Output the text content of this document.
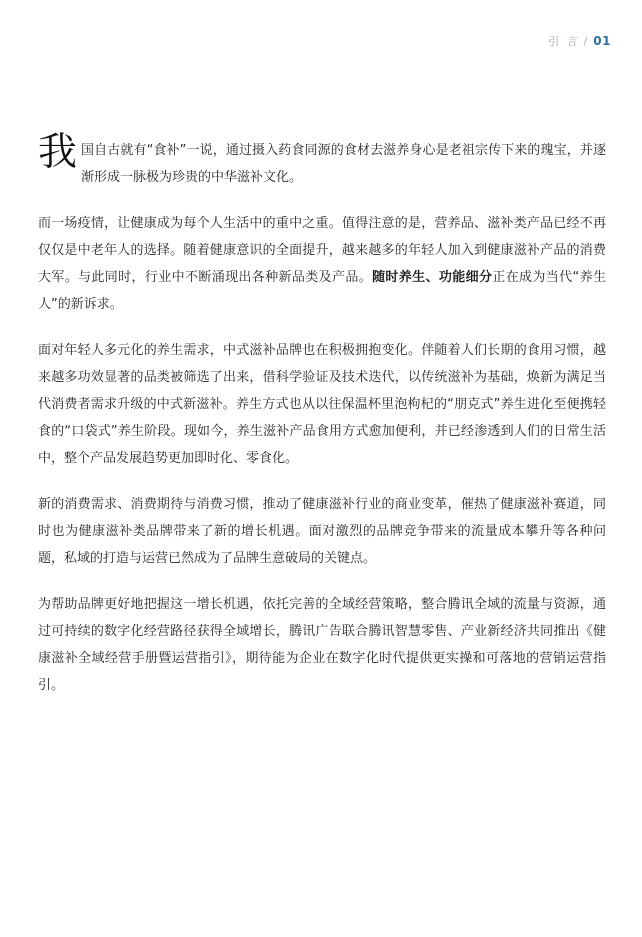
引 言 / 01

我国自古就有“食补”一说，通过摄入药食同源的食材去滋养身心是老祖宗传下来的瑰宝，并逐渐形成一脉极为珍贵的中华滋补文化。

而一场疫情，让健康成为每个人生活中的重中之重。值得注意的是，营养品、滋补类产品已经不再仅仅是中老年人的选择。随着健康意识的全面提升，越来越多的年轻人加入到健康滋补产品的消费大军。与此同时，行业中不断涌现出各种新品类及产品。随时养生、功能细分正在成为当代“养生人”的新诉求。

面对年轻人多元化的养生需求，中式滋补品牌也在积极拥抱变化。伴随着人们长期的食用习惯，越来越多功效显著的品类被筛选了出来，借科学验证及技术迭代，以传统滋补为基础，焕新为满足当代消费者需求升级的中式新滋补。养生方式也从以往保温杯里泡枸杞的“朋克式”养生进化至便携轻食的“口袋式”养生阶段。现如今，养生滋补产品食用方式愈加便利，并已经渗透到人们的日常生活中，整个产品发展趋势更加即时化、零食化。

新的消费需求、消费期待与消费习惯，推动了健康滋补行业的商业变革，催热了健康滋补赛道，同时也为健康滋补类品牌带来了新的增长机遇。面对激烈的品牌竞争带来的流量成本攀升等各种问题，私域的打造与运营已然成为了品牌生意破局的关键点。

为帮助品牌更好地把握这一增长机遇，依托完善的全域经营策略，整合腾讯全域的流量与资源，通过可持续的数字化经营路径获得全域增长，腾讯广告联合腾讯智慧零售、产业新经济共同推出《健康滋补全域经营手册暨运营指引》，期待能为企业在数字化时代提供更实操和可落地的营销运营指引。
